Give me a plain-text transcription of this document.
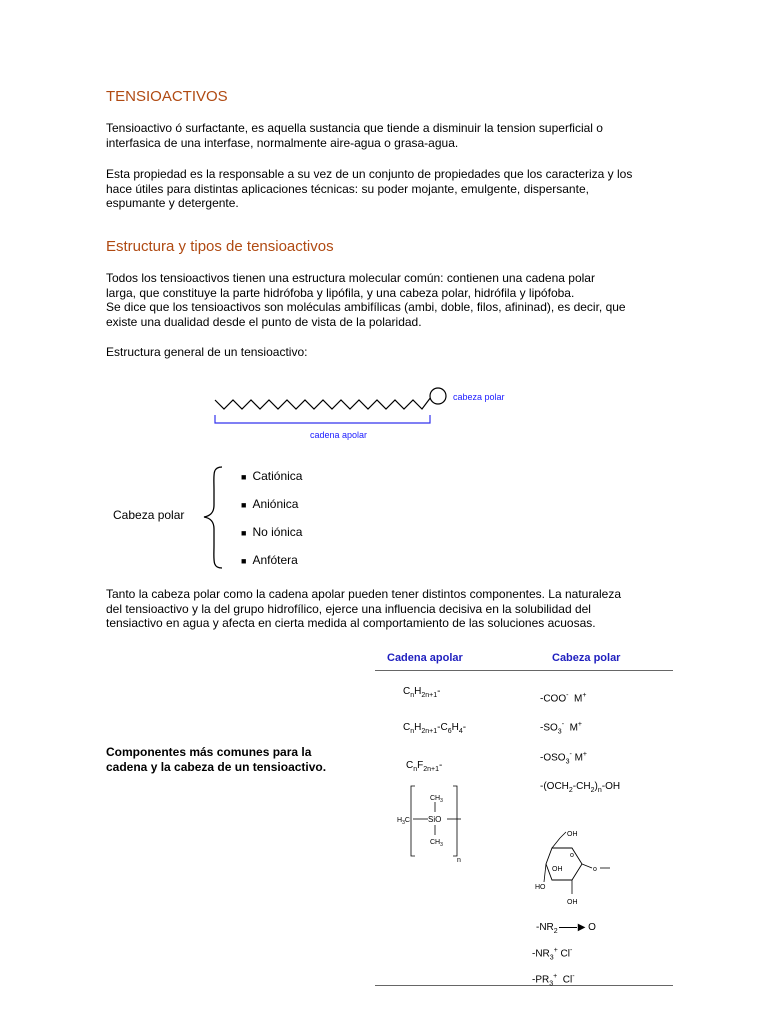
TENSIOACTIVOS
Tensioactivo ó surfactante, es aquella sustancia que tiende a disminuir la tension superficial o
interfasica de una interfase, normalmente aire-agua o grasa-agua.
Esta propiedad es la responsable a su vez de un conjunto de propiedades que los caracteriza y los
hace útiles para distintas aplicaciones técnicas: su poder mojante, emulgente, dispersante,
espumante y detergente.
Estructura y tipos de tensioactivos
Todos los tensioactivos tienen una estructura molecular común: contienen una cadena polar
larga, que constituye la parte hidrófoba y lipófila, y una cabeza polar, hidrófila y lipófoba.
Se dice que los tensioactivos son moléculas ambifílicas (ambi, doble, filos, afininad), es decir, que
existe una dualidad desde el punto de vista de la polaridad.
Estructura general de un tensioactivo:
cabeza polar
cadena apolar
Cabeza polar
■ Catiónica
■ Aniónica
■ No iónica
■ Anfótera
Tanto la cabeza polar como la cadena apolar pueden tener distintos componentes. La naturaleza
del tensioactivo y la del grupo hidrofílico, ejerce una influencia decisiva en la solubilidad del
tensiactivo en agua y afecta en cierta medida al comportamiento de las soluciones acuosas.
Cadena apolar	Cabeza polar
Componentes más comunes para la
cadena y la cabeza de un tensioactivo.
$C_nH_{2n+1}-$
$C_nH_{2n+1}-C_6H_4-$
$C_nF_{2n+1}-$
$CH_3$
$H_3C$ SiO
$CH_3$
n
-COO-  M+
$-SO_3^-$  M+
$-OSO_3^-$ M+
$-(OCH_2-CH_2)_n-OH$
OH
o
OH	o
HO
OH
$-NR_2$ ▶ O
$-NR_3^+$ Cl-
$-PR_3^+$  Cl-
